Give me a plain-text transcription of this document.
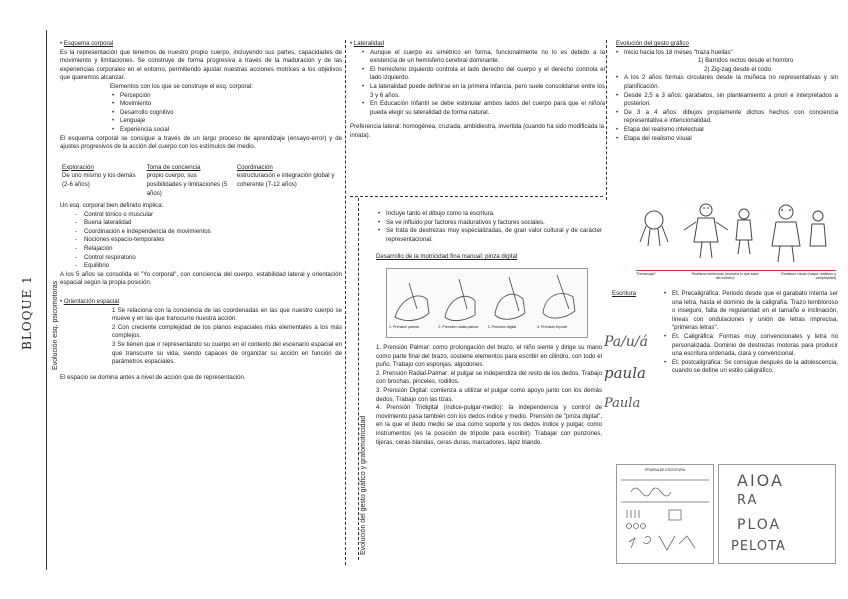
BLOQUE 1	Evolución esq. psicomotoras

• Esquema corporal

Es la representación que tenemos de nuestro propio cuerpo, incluyendo sus partes, capacidades de movimiento y limitaciones. Se construye de forma progresiva a través de la maduración y de las experiencias corporales en el entorno, permitiendo ajustar nuestras acciones motrices a los objetivos que queremos alcanzar.

Elementos con los que se construye el esq. corporal:

• Percepción
• Movimiento
• Desarrollo cognitivo
• Lenguaje
• Experiencia social

El esquema corporal se consigue a través de un largo proceso de aprendizaje (ensayo-error) y de ajustes progresivos de la acción del cuerpo con los estímulos del medio.

Exploración	Toma de conciencia	Coordinación
De uno mismo y los demás (2-6 años)	propio cuerpo, sus posibilidades y limitaciones (5 años)	estructuración e integración global y coherente (7-12 años)

Un esq. corporal bien definido implica:

- Control tónico o muscular
- Buena lateralidad
- Coordinación e independencia de movimientos
- Nociones espacio-temporales
- Relajación
- Control respiratorio
- Equilibrio

A los 5 años se consolida el "Yo corporal", con conciencia del cuerpo, estabilidad lateral y orientación espacial según la propia posición.

• Orientación espacial

1 Se relaciona con la conciencia de las coordenadas en las que nuestro cuerpo se mueve y en las que transcurre nuestra acción.

2 Con creciente complejidad de los planos espaciales más elementales a los más complejos.

3 Se tienen que ir representando su cuerpo en el contexto del escenario espacial en que transcurre su vida, siendo capaces de organizar su acción en función de parámetros espaciales.

El espacio se domina antes a nivel de acción que de representación.

• Lateralidad

• Aunque el cuerpo es simétrico en forma, funcionalmente no lo es debido a la existencia de un hemisferio cerebral dominante.
• El hemisferio izquierdo controla el lado derecho del cuerpo y el derecho controla el lado izquierdo.
• La lateralidad puede definirse en la primera infancia, pero suele consolidarse entre los 3 y 6 años.
• En Educación Infantil se debe estimular ambos lados del cuerpo para que el niño/a pueda elegir su lateralidad de forma natural.

Preferencia lateral: homogénea, cruzada, ambidiestra, invertida (cuando ha sido modificada la innata).

Evolución del gesto gráfico y grafomotricidad
• Incluye tanto el dibujo como la escritura.
• Se ve influido por factores madurativos y factores sociales.
• Se trata de destrezas muy especializadas, de gran valor cultural y de carácter representacional.

Desarrollo de la motricidad fina manual: pinza digital

1. Prensión palmar	2. Prensión radial-palmar	3. Prensión digital	4. Prensión trípode

1. Prensión Palmar: como prolongación del brazo, el niño siente y dirige su mano como parte final del brazo, sostiene elementos para escribir en cilindro, con todo el puño. Trabajo con esponjas, algodones.
2. Prensión Radial-Palmar: el pulgar se independiza del resto de los dedos. Trabajo con brochas, pinceles, rodillos.
3. Prensión Digital: comienza a utilizar el pulgar como apoyo junto con los demás dedos. Trabajo con las tizas.
4. Prensión Tridigital (índice-pulgar-medio): la independencia y control de movimiento pasa también con los dedos índice y medio. Prensión de "pinza digital", en la que el dedo medio se usa como soporte y los dedos índice y pulgar, como instrumentos (es la posición de trípode para escribir). Trabajar con punzones, tijeras, ceras blandas, ceras duras, marcadores, lápiz blando.

Evolución del gesto gráfico

• Inicio hacia los 18 meses "traza huellas"

1) Barridos rectos desde el hombro

2) Zig-zag desde el codo

• A los 2 años formas circulares desde la muñeca no representativas y sin planificación.
• Desde 2,5 a 3 años: garabatos, sin planteamiento a priori e interpretados a posteriori.
• De 3 a 4 años: dibujos propiamente dichos hechos con conciencia representativa e intencionalidad.
• Etapa del realismo intelectual
• Etapa del realismo visual
"Renacuajo"	Realismo intelectual (muestra lo que sabe del modelo)
Realismo visual (mayor realismo y complejidad)

Escritura	• Et. Precaligráfica: Periodo desde que el garabato intenta ser una letra, hasta el dominio de la caligrafía. Trazo tembloroso o inseguro, falta de regularidad en el tamaño e inclinación, líneas con ondulaciones y unión de letras imprecisa, "primeras letras".
• Et. Caligráfica: Formas muy convencionales y letra no personalizada. Dominio de destrezas motoras para producir una escritura ordenada, clara y convencional.
• Et. postcaligráfica: Se consigue después de la adolescencia, cuando se define un estilo caligráfico.
Pa/u/á
paula
Paula
PRUEBA DE ESCRITURA
AIOA
RA
PLOA
PELOTA
